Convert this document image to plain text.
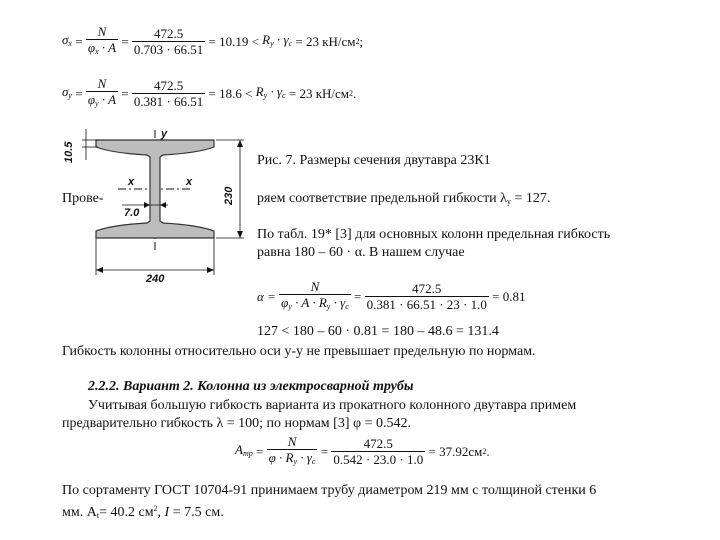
$\sigma_x = \frac{N}{\varphi_x \cdot A} = \frac{472.5}{0.703 \cdot 66.51}$
= 10.19 <
$R_y \cdot \gamma_c$
= 23 кН/см 2 ;
$\sigma_y = \frac{N}{\varphi_y \cdot A} = \frac{472.5}{0.381 \cdot 66.51}$
= 18.6 <
$R_y \cdot \gamma_c$
= 23 кН/см 2 .
10.5
230
7.0
240
y
x	x
Рис. 7. Размеры сечения двутавра 23К1
Прове-	ряем соответствие предельной гибкости $\lambda_y = 127$.
По табл. 19* [3] для основных колонн предельная гибкость
равна 180 – 60 · α. В нашем случае
α =
$\frac{N}{\varphi_y \cdot A \cdot R_y \cdot \gamma_c}$
=
$\frac{472.5}{0.381 \cdot 66.51 \cdot 23 \cdot 1.0}$
= 0.81
127 < 180 – 60 · 0.81 = 180 – 48.6 = 131.4
Гибкость колонны относительно оси y-y не превышает предельную по нормам.
2.2.2. Вариант 2. Колонна из электросварной трубы
Учитывая большую гибкость варианта из прокатного колонного двутавра примем
предварительно гибкость λ = 100; по нормам [3] φ = 0.542.
$A_{тр}$
=
$\frac{N}{\varphi \cdot R_y \cdot \gamma_c}$
=
$\frac{472.5}{0.542 \cdot 23.0 \cdot 1.0}$
= 37.92см 2 .
По сортаменту ГОСТ 10704-91 принимаем трубу диаметром 219 мм с толщиной стенки 6
мм. $A_t= 40.2$ $см^2$, I = 7.5 см.
